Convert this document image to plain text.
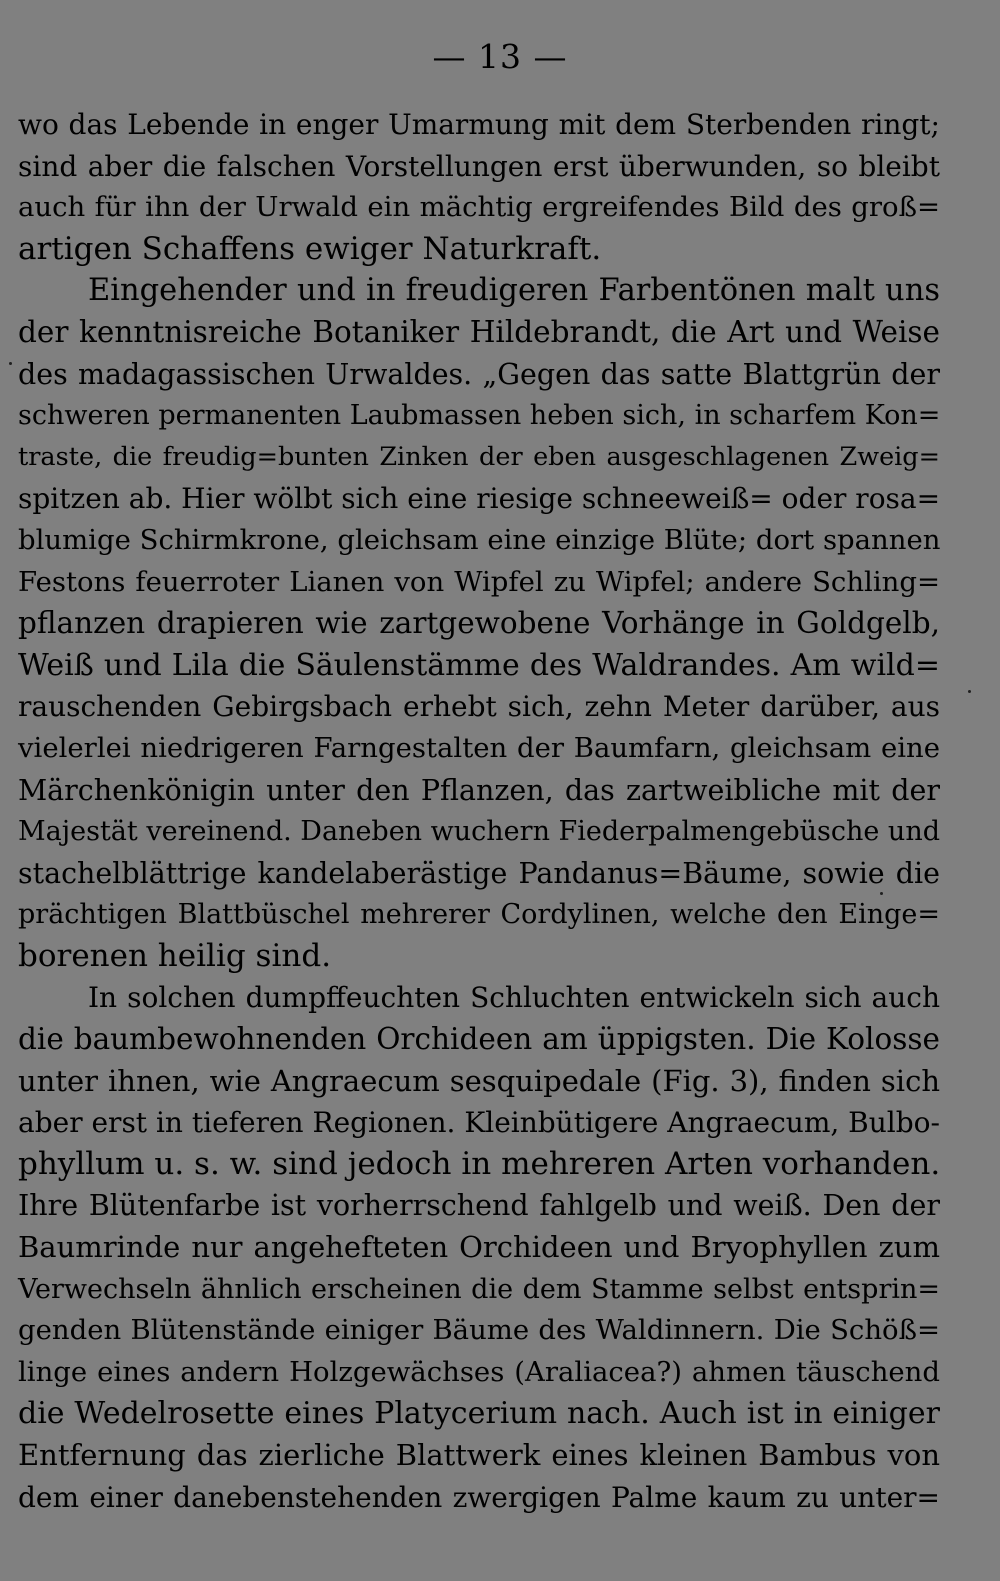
— 13 —
wo das Lebende in enger Umarmung mit dem Sterbenden ringt;
sind aber die falschen Vorstellungen erst überwunden, so bleibt
auch für ihn der Urwald ein mächtig ergreifendes Bild des groß=
artigen Schaffens ewiger Naturkraft.
Eingehender und in freudigeren Farbentönen malt uns
der kenntnisreiche Botaniker Hildebrandt, die Art und Weise
des madagassischen Urwaldes. „Gegen das satte Blattgrün der
schweren permanenten Laubmassen heben sich, in scharfem Kon=
traste, die freudig=bunten Zinken der eben ausgeschlagenen Zweig=
spitzen ab. Hier wölbt sich eine riesige schneeweiß= oder rosa=
blumige Schirmkrone, gleichsam eine einzige Blüte; dort spannen
Festons feuerroter Lianen von Wipfel zu Wipfel; andere Schling=
pflanzen drapieren wie zartgewobene Vorhänge in Goldgelb,
Weiß und Lila die Säulenstämme des Waldrandes. Am wild=
rauschenden Gebirgsbach erhebt sich, zehn Meter darüber, aus
vielerlei niedrigeren Farngestalten der Baumfarn, gleichsam eine
Märchenkönigin unter den Pflanzen, das zartweibliche mit der
Majestät vereinend. Daneben wuchern Fiederpalmengebüsche und
stachelblättrige kandelaberästige Pandanus=Bäume, sowie die
prächtigen Blattbüschel mehrerer Cordylinen, welche den Einge=
borenen heilig sind.
In solchen dumpffeuchten Schluchten entwickeln sich auch
die baumbewohnenden Orchideen am üppigsten. Die Kolosse
unter ihnen, wie Angraecum sesquipedale (Fig. 3), finden sich
aber erst in tieferen Regionen. Kleinbütigere Angraecum, Bulbo-
phyllum u. s. w. sind jedoch in mehreren Arten vorhanden.
Ihre Blütenfarbe ist vorherrschend fahlgelb und weiß. Den der
Baumrinde nur angehefteten Orchideen und Bryophyllen zum
Verwechseln ähnlich erscheinen die dem Stamme selbst entsprin=
genden Blütenstände einiger Bäume des Waldinnern. Die Schöß=
linge eines andern Holzgewächses (Araliacea?) ahmen täuschend
die Wedelrosette eines Platycerium nach. Auch ist in einiger
Entfernung das zierliche Blattwerk eines kleinen Bambus von
dem einer danebenstehenden zwergigen Palme kaum zu unter=
